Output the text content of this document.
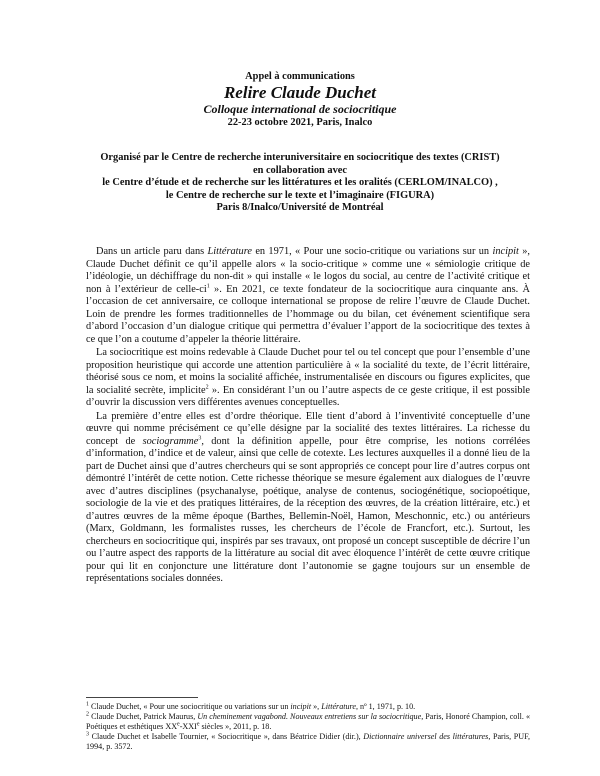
Appel à communications
Relire Claude Duchet
Colloque international de sociocritique
22-23 octobre 2021, Paris, Inalco
Organisé par le Centre de recherche interuniversitaire en sociocritique des textes (CRIST)
en collaboration avec
le Centre d’étude et de recherche sur les littératures et les oralités (CERLOM/INALCO) ,
le Centre de recherche sur le texte et l’imaginaire (FIGURA)
Paris 8/Inalco/Université de Montréal

Dans un article paru dans Littérature en 1971, « Pour une socio-critique ou variations sur un incipit », Claude Duchet définit ce qu’il appelle alors « la socio-critique » comme une « sémiologie critique de l’idéologie, un déchiffrage du non-dit » qui installe « le logos du social, au centre de l’activité critique et non à l’extérieur de celle-$ci^1$ ». En 2021, ce texte fondateur de la sociocritique aura cinquante ans. À l’occasion de cet anniversaire, ce colloque international se propose de relire l’œuvre de Claude Duchet. Loin de prendre les formes traditionnelles de l’hommage ou du bilan, cet événement scientifique sera d’abord l’occasion d’un dialogue critique qui permettra d’évaluer l’apport de la sociocritique des textes à ce que l’on a coutume d’appeler la théorie littéraire.

La sociocritique est moins redevable à Claude Duchet pour tel ou tel concept que pour l’ensemble d’une proposition heuristique qui accorde une attention particulière à « la socialité du texte, de l’écrit littéraire, théorisé sous ce nom, et moins la socialité affichée, instrumentalisée en discours ou figures explicites, que la socialité secrète, implicite$^2$ ». En considérant l’un ou l’autre aspects de ce geste critique, il est possible d’ouvrir la discussion vers différentes avenues conceptuelles.

La première d’entre elles est d’ordre théorique. Elle tient d’abord à l’inventivité conceptuelle d’une œuvre qui nomme précisément ce qu’elle désigne par la socialité des textes littéraires. La richesse du concept de sociogramme$^3$, dont la définition appelle, pour être comprise, les notions corrélées d’information, d’indice et de valeur, ainsi que celle de cotexte. Les lectures auxquelles il a donné lieu de la part de Duchet ainsi que d’autres chercheurs qui se sont appropriés ce concept pour lire d’autres corpus ont démontré l’intérêt de cette notion. Cette richesse théorique se mesure également aux dialogues de l’œuvre avec d’autres disciplines (psychanalyse, poétique, analyse de contenus, sociogénétique, sociopoétique, sociologie de la vie et des pratiques littéraires, de la réception des œuvres, de la création littéraire, etc.) et d’autres œuvres de la même époque (Barthes, Bellemin-Noël, Hamon, Meschonnic, etc.) ou antérieurs (Marx, Goldmann, les formalistes russes, les chercheurs de l’école de Francfort, etc.). Surtout, les chercheurs en sociocritique qui, inspirés par ses travaux, ont proposé un concept susceptible de décrire l’un ou l’autre aspect des rapports de la littérature au social dit avec éloquence l’intérêt de cette œuvre critique pour qui lit en conjoncture une littérature dont l’autonomie se gagne toujours sur un ensemble de représentations sociales données.

$^1$ Claude Duchet, « Pour une sociocritique ou variations sur un incipit », Littérature, nº 1, 1971, p. 10.

$^2$ Claude Duchet, Patrick Maurus, Un cheminement vagabond. Nouveaux entretiens sur la sociocritique, Paris, Honoré Champion, coll. « Poétiques et esthétiques XXe-XXIe siècles », 2011, p. 18.

$^3$ Claude Duchet et Isabelle Tournier, « Sociocritique », dans Béatrice Didier (dir.), Dictionnaire universel des littératures, Paris, PUF, 1994, p. 3572.
